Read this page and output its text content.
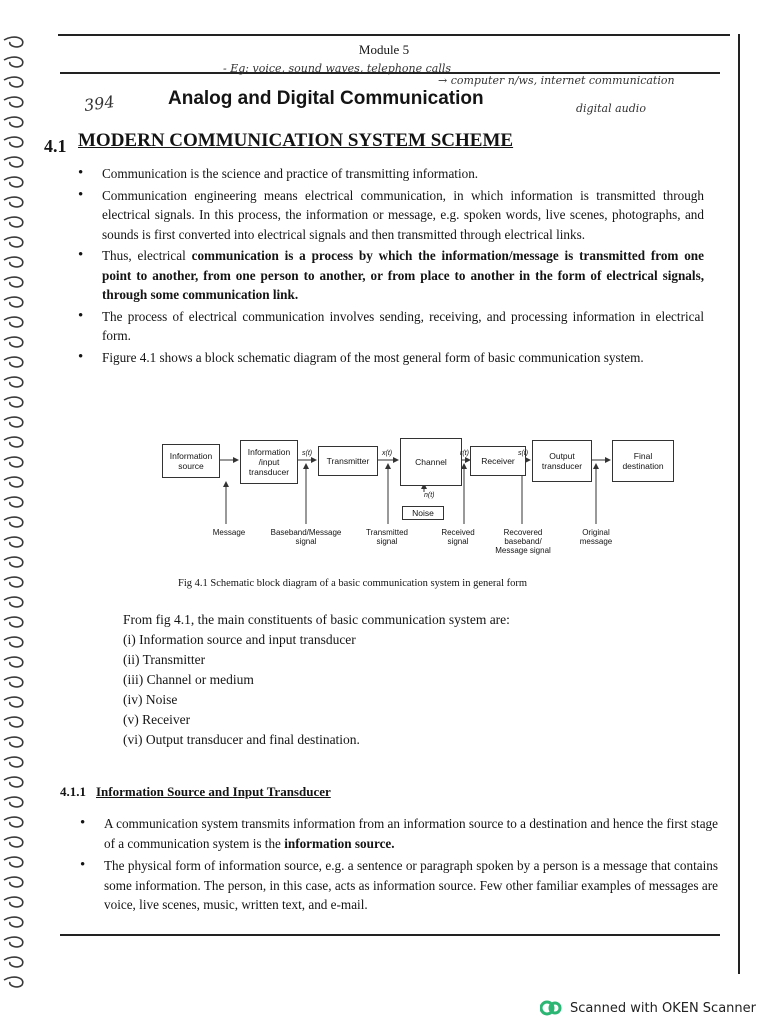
Module 5
- Eg: voice, sound waves, telephone calls
→ computer n/ws, internet communication
digital audio
394	Analog and Digital Communication
4.1 MODERN COMMUNICATION SYSTEM SCHEME
• Communication is the science and practice of transmitting information.
• Communication engineering means electrical communication, in which information is transmitted through electrical signals. In this process, the information or message, e.g. spoken words, live scenes, photographs, and sounds is first converted into electrical signals and then transmitted through electrical links.
• Thus, electrical communication is a process by which the information/message is transmitted from one point to another, from one person to another, or from place to another in the form of electrical signals, through some communication link.
• The process of electrical communication involves sending, receiving, and processing information in electrical form.
• Figure 4.1 shows a block schematic diagram of the most general form of basic communication system.
Information source
Information /input transducer
Transmitter	Channel	Receiver	Output transducer
Final destination
Noise
s(t)	x(t)	r(t)	s(t)
n(t)
Message	Baseband/Message
signal
Transmitted
signal
Received
signal
Recovered
baseband/
Message signal
Original
message
Fig 4.1 Schematic block diagram of a basic communication system in general form
From fig 4.1, the main constituents of basic communication system are:
(i) Information source and input transducer
(ii) Transmitter
(iii) Channel or medium
(iv) Noise
(v) Receiver
(vi) Output transducer and final destination.
4.1.1 Information Source and Input Transducer
• A communication system transmits information from an information source to a destination and hence the first stage of a communication system is the information source.
• The physical form of information source, e.g. a sentence or paragraph spoken by a person is a message that contains some information. The person, in this case, acts as information source. Few other familiar examples of messages are voice, live scenes, music, written text, and e-mail.
Scanned with OKEN Scanner
